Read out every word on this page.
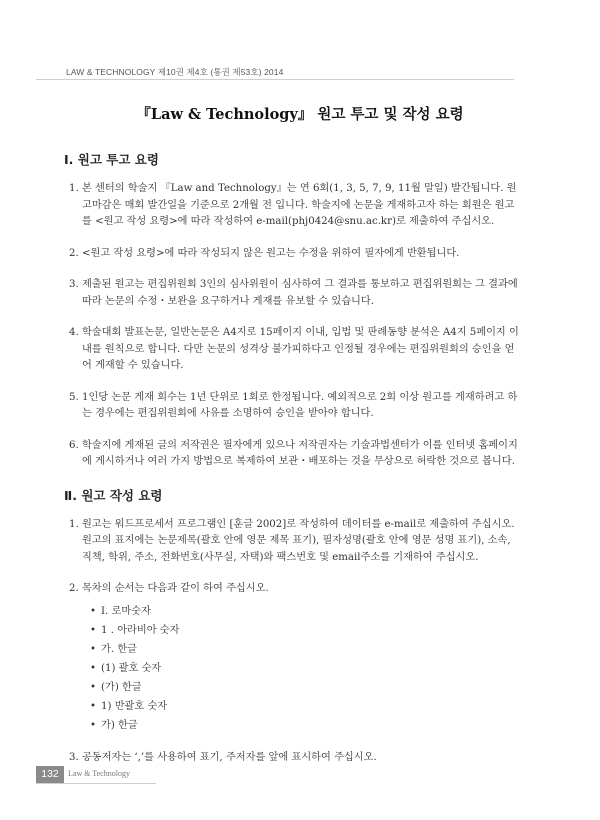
LAW & TECHNOLOGY 제10권 제4호 (통권 제53호) 2014
『Law & Technology』 원고 투고 및 작성 요령
Ⅰ. 원고 투고 요령

1. 본 센터의 학술지 『Law and Technology』는 연 6회(1, 3, 5, 7, 9, 11월 말일) 발간됩니다. 원고마감은 매회 발간일을 기준으로 2개월 전 입니다. 학술지에 논문을 게재하고자 하는 회원은 원고를 <원고 작성 요령>에 따라 작성하여 e-mail(phj0424@snu.ac.kr)로 제출하여 주십시오.

2. <원고 작성 요령>에 따라 작성되지 않은 원고는 수정을 위하여 필자에게 반환됩니다.

3. 제출된 원고는 편집위원회 3인의 심사위원이 심사하여 그 결과를 통보하고 편집위원회는 그 결과에 따라 논문의 수정・보완을 요구하거나 게재를 유보할 수 있습니다.

4. 학술대회 발표논문, 일반논문은 A4지로 15페이지 이내, 입법 및 판례동향 분석은 A4지 5페이지 이내를 원칙으로 합니다. 다만 논문의 성격상 불가피하다고 인정될 경우에는 편집위원회의 승인을 얻어 게재할 수 있습니다.

5. 1인당 논문 게재 회수는 1년 단위로 1회로 한정됩니다. 예외적으로 2회 이상 원고를 게재하려고 하는 경우에는 편집위원회에 사유를 소명하여 승인을 받아야 합니다.

6. 학술지에 게재된 글의 저작권은 필자에게 있으나 저작권자는 기술과법센터가 이를 인터넷 홈페이지에 게시하거나 여러 가지 방법으로 복제하여 보관・배포하는 것을 무상으로 허락한 것으로 봅니다.

Ⅱ. 원고 작성 요령

1. 원고는 워드프로세서 프로그램인 [훈글 2002]로 작성하여 데이터를 e-mail로 제출하여 주십시오. 원고의 표지에는 논문제목(괄호 안에 영문 제목 표기), 필자성명(괄호 안에 영문 성명 표기), 소속, 직책, 학위, 주소, 전화번호(사무실, 자택)와 팩스번호 및 email주소를 기재하여 주십시오.

2. 목차의 순서는 다음과 같이 하여 주십시오.

• Ⅰ. 로마숫자
• 1 . 아라비아 숫자
• 가. 한글
• (1) 괄호 숫자
• (가) 한글
• 1) 반괄호 숫자
• 가) 한글

3. 공동저자는 ‘,’를 사용하여 표기, 주저자를 앞에 표시하여 주십시오.

132	Law & Technology
